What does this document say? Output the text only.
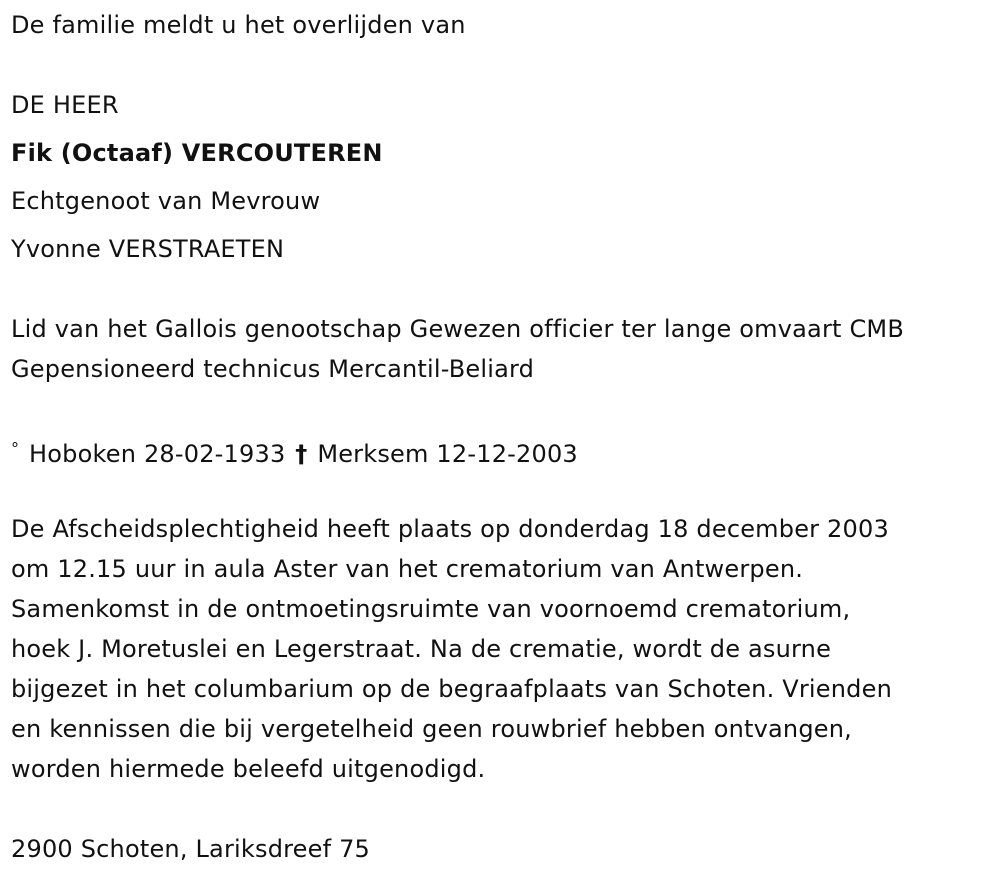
De familie meldt u het overlijden van
DE HEER
Fik (Octaaf) VERCOUTEREN
Echtgenoot van Mevrouw
Yvonne VERSTRAETEN
Lid van het Gallois genootschap Gewezen officier ter lange omvaart CMB
Gepensioneerd technicus Mercantil-Beliard
° Hoboken 28-02-1933 † Merksem 12-12-2003
De Afscheidsplechtigheid heeft plaats op donderdag 18 december 2003
om 12.15 uur in aula Aster van het crematorium van Antwerpen.
Samenkomst in de ontmoetingsruimte van voornoemd crematorium,
hoek J. Moretuslei en Legerstraat. Na de crematie, wordt de asurne
bijgezet in het columbarium op de begraafplaats van Schoten. Vrienden
en kennissen die bij vergetelheid geen rouwbrief hebben ontvangen,
worden hiermede beleefd uitgenodigd.
2900 Schoten, Lariksdreef 75
